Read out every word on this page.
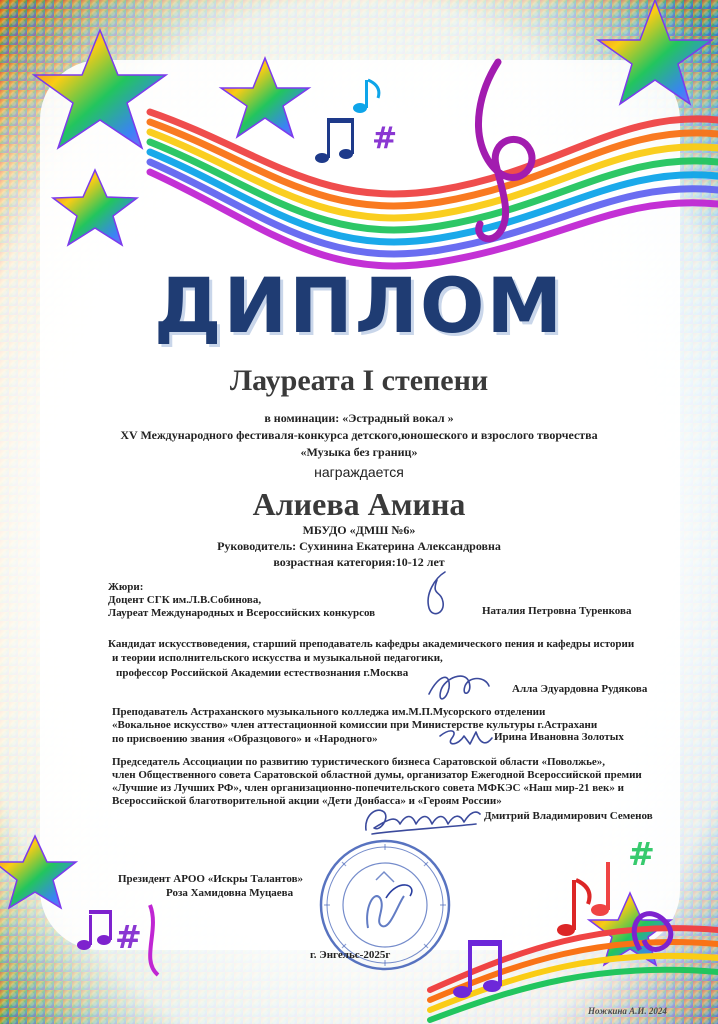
#
#
#
ДИПЛОМ
Лауреата I степени
в номинации: «Эстрадный вокал »
XV Международного фестиваля-конкурса детского,юношеского и взрослого творчества
«Музыка без границ»
награждается
Алиева Амина
МБУДО «ДМШ №6»
Руководитель: Сухинина Екатерина Александровна
возрастная категория:10-12 лет
Жюри:
Доцент СГК им.Л.В.Собинова,
Лауреат Международных и Всероссийских конкурсов	Наталия Петровна Туренкова
Кандидат искусствоведения, старший преподаватель кафедры академического пения и кафедры истории
и теории исполнительского искусства и музыкальной педагогики,
профессор Российской Академии естествознания г.Москва
Алла Эдуардовна Рудякова
Преподаватель Астраханского музыкального колледжа им.М.П.Мусорского отделении
«Вокальное искусство» член аттестационной комиссии при Министерстве культуры г.Астрахани
по присвоению звания «Образцового» и «Народного»	Ирина Ивановна Золотых
Председатель Ассоциации по развитию туристического бизнеса Саратовской области «Поволжье»,
член Общественного совета Саратовской областной думы, организатор Ежегодной Всероссийской премии
«Лучшие из Лучших РФ», член организационно-попечительского совета МФКЭС «Наш мир-21 век» и
Всероссийской благотворительной акции «Дети Донбасса» и «Героям России»
Дмитрий Владимирович Семенов
Президент АРОО «Искры Талантов»
Роза Хамидовна Муцаева
г. Энгельс-2025г
Ножкина А.И. 2024
